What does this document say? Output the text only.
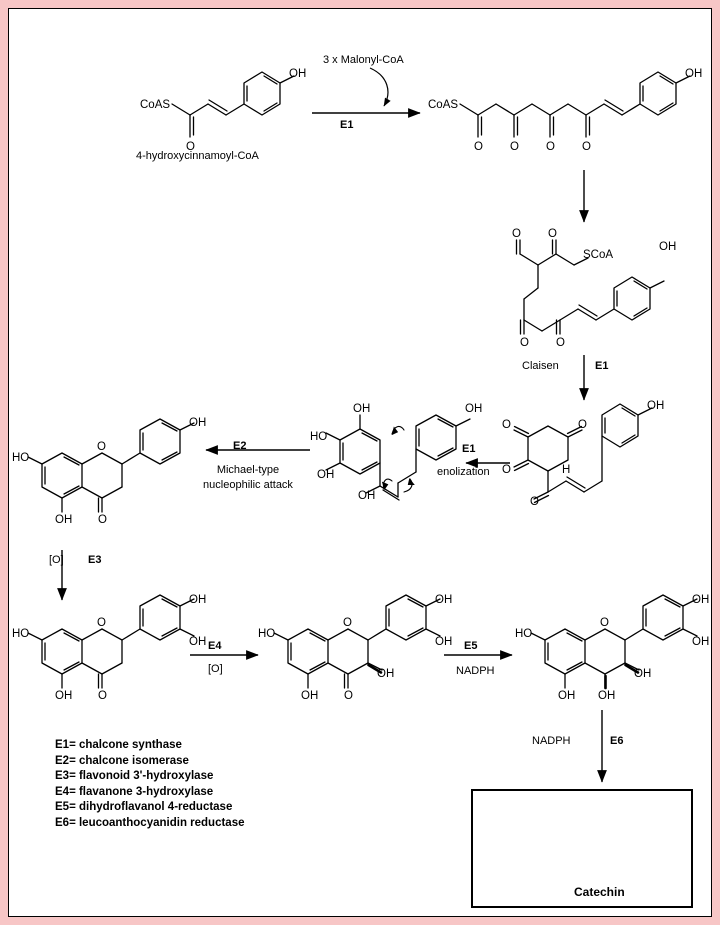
CoAS
O
OH
CoAS
O O O O
OH
SCoA
O O
O O
OH
O	O
O
O
H
OH
HO
OH
OH
OH
OH
HO
OH O
O
OH
HO
OH O
O
OH
OH
HO
OH O
O
OH
OH
OH
HO
OH OH
O
OH
OH
OH
3 x Malonyl-CoA
E1
4-hydroxycinnamoyl-CoA
Claisen	E1
E1
enolization
E2
Michael-type
nucleophilic attack
[O] E3
E4
[O]
E5
NADPH
NADPH	E6
Catechin
E1= chalcone synthase
E2= chalcone isomerase
E3= flavonoid 3'-hydroxylase
E4= flavanone 3-hydroxylase
E5= dihydroflavanol 4-reductase
E6= leucoanthocyanidin reductase
